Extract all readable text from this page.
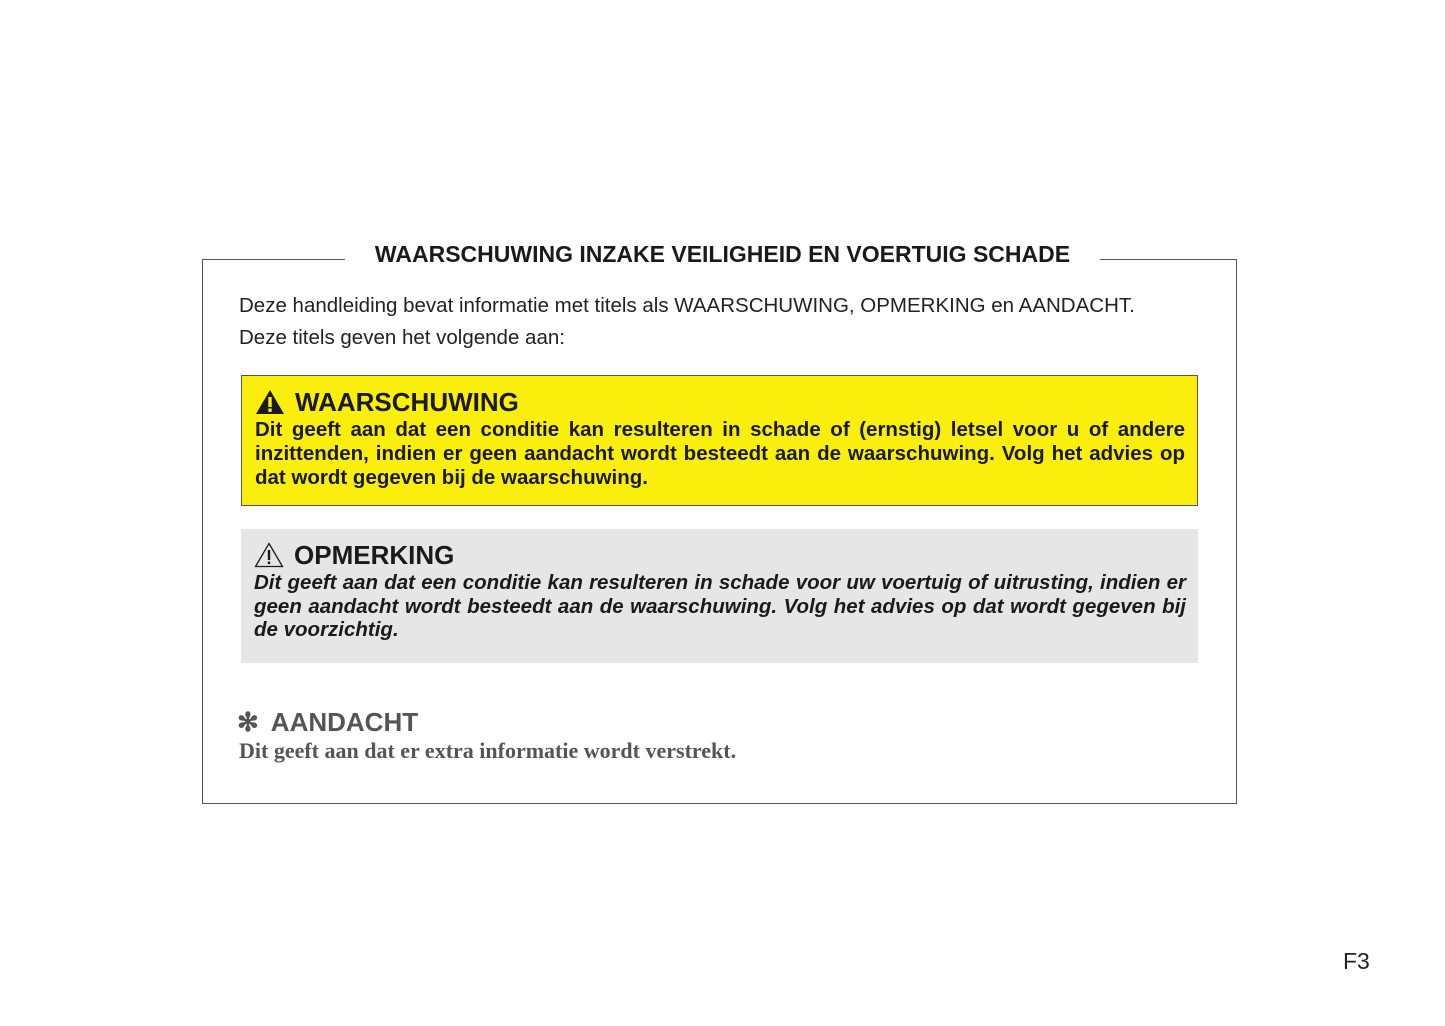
WAARSCHUWING INZAKE VEILIGHEID EN VOERTUIG SCHADE

Deze handleiding bevat informatie met titels als WAARSCHUWING, OPMERKING en AANDACHT.

Deze titels geven het volgende aan:

WAARSCHUWING
Dit geeft aan dat een conditie kan resulteren in schade of (ernstig) letsel voor u of andere inzittenden, indien er geen aandacht wordt besteedt aan de waarschuwing. Volg het advies op dat wordt gegeven bij de waarschuwing.
OPMERKING
Dit geeft aan dat een conditie kan resulteren in schade voor uw voertuig of uitrusting, indien er geen aandacht wordt besteedt aan de waarschuwing. Volg het advies op dat wordt gegeven bij de voorzichtig.
✻ AANDACHT
Dit geeft aan dat er extra informatie wordt verstrekt.
F3
